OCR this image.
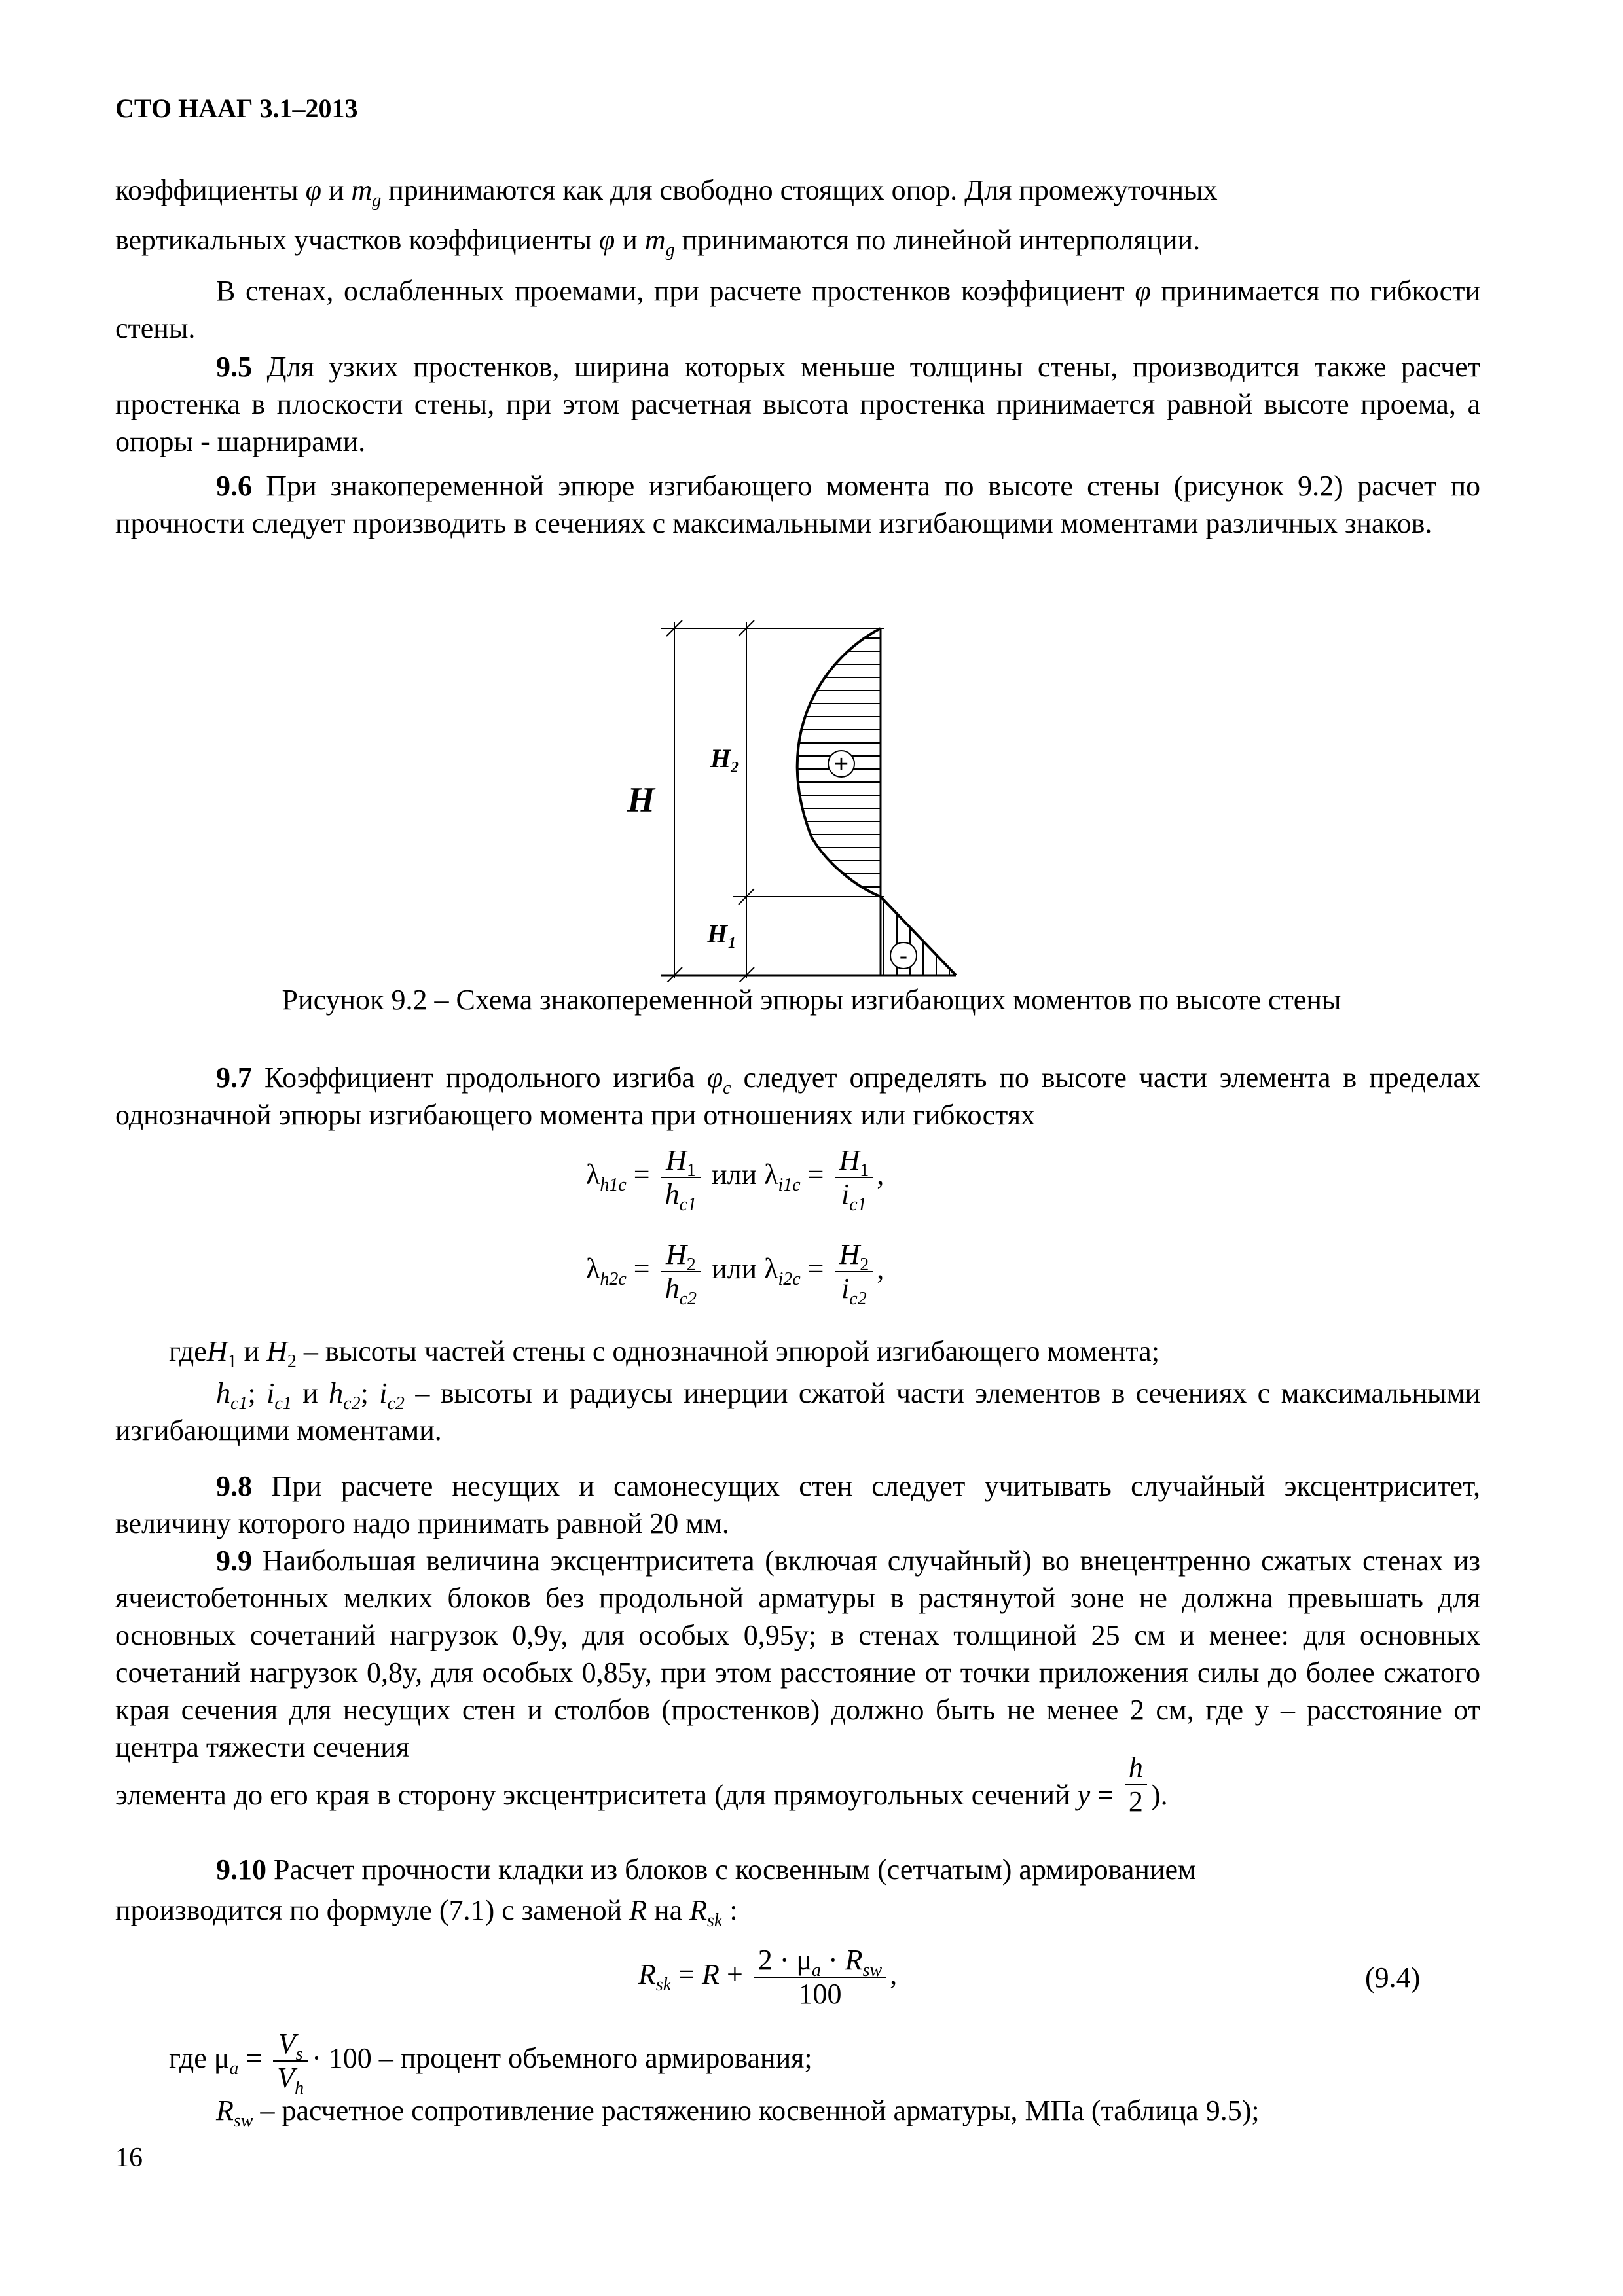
СТО НААГ 3.1–2013
коэффициенты φ и $m_g$ принимаются как для свободно стоящих опор. Для промежуточных
вертикальных участков коэффициенты φ и $m_g$ принимаются по линейной интерполяции.
В стенах, ослабленных проемами, при расчете простенков коэффициент φ принимается по гибкости стены.
9.5 Для узких простенков, ширина которых меньше толщины стены, производится также расчет простенка в плоскости стены, при этом расчетная высота простенка принимается равной высоте проема, а опоры - шарнирами.
9.6 При знакопеременной эпюре изгибающего момента по высоте стены (рисунок 9.2) расчет по прочности следует производить в сечениях с максимальными изгибающими моментами различных знаков.
+
-
H
H 2
H 1
Рисунок 9.2 – Схема знакопеременной эпюры изгибающих моментов по высоте стены
9.7 Коэффициент продольного изгиба $\varphi_c$ следует определять по высоте части элемента в пределах однозначной эпюры изгибающего момента при отношениях или гибкостях
$\lambda_{h1c} = \frac{H_1}{h_{c1}}$ или $\lambda_{i1c} = \frac{H_1}{i_{c1}}$ ,
$\lambda_{h2c} = \frac{H_2}{h_{c2}}$ или $\lambda_{i2c} = \frac{H_2}{i_{c2}}$ ,
гдеH$_1$ и $H_2$ – высоты частей стены с однозначной эпюрой изгибающего момента;
$h_{c1}$; $i_{c1}$ и $h_{c2}$; $i_{c2}$ – высоты и радиусы инерции сжатой части элементов в сечениях с максимальными изгибающими моментами.
9.8 При расчете несущих и самонесущих стен следует учитывать случайный эксцентриситет, величину которого надо принимать равной 20 мм.
9.9 Наибольшая величина эксцентриситета (включая случайный) во внецентренно сжатых стенах из ячеистобетонных мелких блоков без продольной арматуры в растянутой зоне не должна превышать для основных сочетаний нагрузок 0,9y, для особых 0,95y; в стенах толщиной 25 см и менее: для основных сочетаний нагрузок 0,8y, для особых 0,85y, при этом расстояние от точки приложения силы до более сжатого края сечения для несущих стен и столбов (простенков) должно быть не менее 2 см, где y – расстояние от центра тяжести сечения
элемента до его края в сторону эксцентриситета (для прямоугольных сечений $y = \frac{h}{2}$ ).
9.10 Расчет прочности кладки из блоков с косвенным (сетчатым) армированием
производится по формуле (7.1) с заменой R на $R_{sk}$ :
$R_{sk} = R + \frac{2 \cdot \mu_a \cdot R_{sw}}{100}$ ,	(9.4)
где $\mu_a = \frac{V_s}{V_h} \cdot 100$ – процент объемного армирования;
$R_{sw}$ – расчетное сопротивление растяжению косвенной арматуры, МПа (таблица 9.5);
16
